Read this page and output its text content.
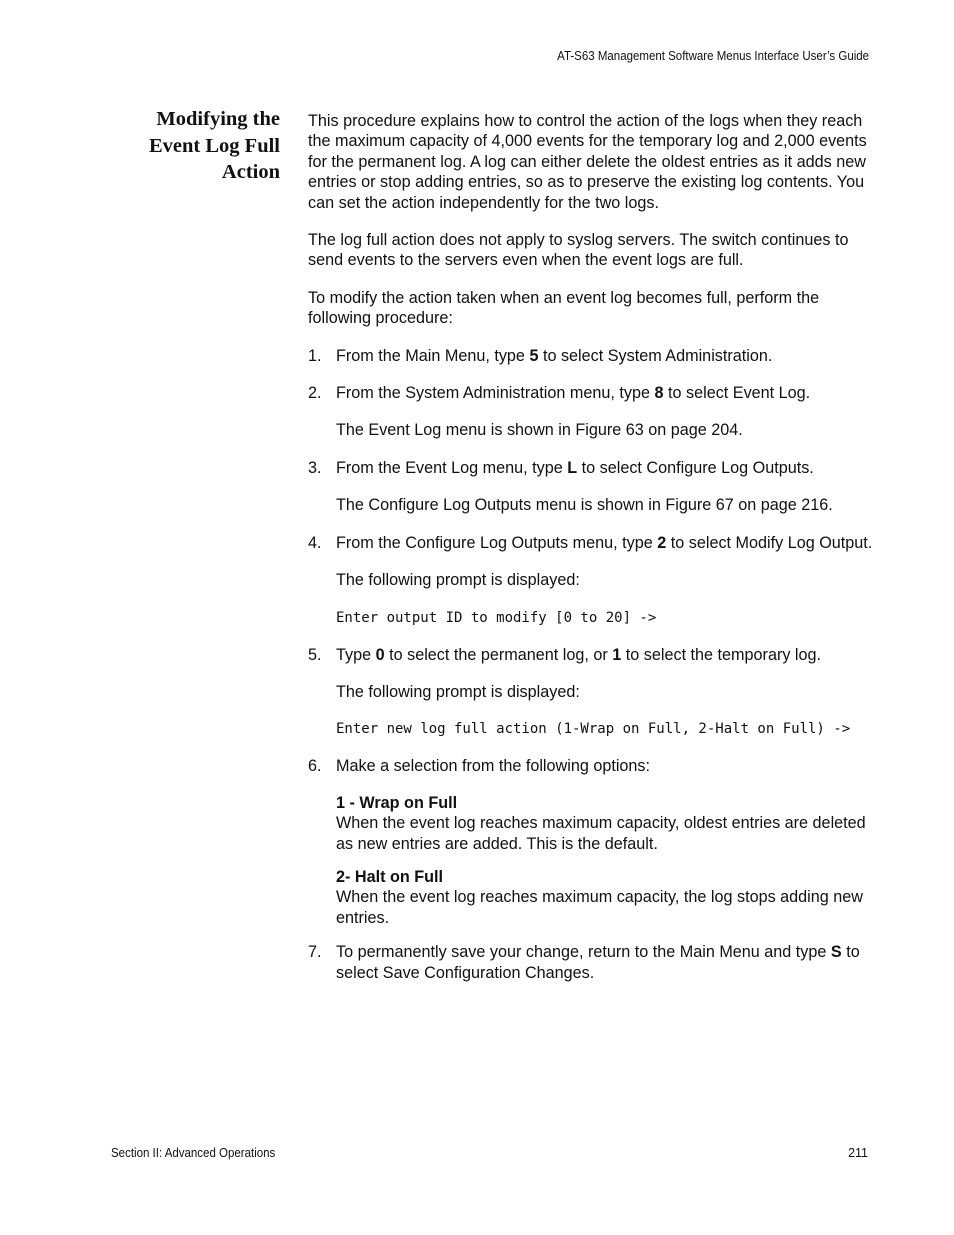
AT-S63 Management Software Menus Interface User’s Guide
Modifying the
Event Log Full
Action

This procedure explains how to control the action of the logs when they reach the maximum capacity of 4,000 events for the temporary log and 2,000 events for the permanent log. A log can either delete the oldest entries as it adds new entries or stop adding entries, so as to preserve the existing log contents. You can set the action independently for the two logs.

The log full action does not apply to syslog servers. The switch continues to send events to the servers even when the event logs are full.

To modify the action taken when an event log becomes full, perform the following procedure:

1. From the Main Menu, type 5 to select System Administration.
2. From the System Administration menu, type 8 to select Event Log.

The Event Log menu is shown in Figure 63 on page 204.

3. From the Event Log menu, type L to select Configure Log Outputs.

The Configure Log Outputs menu is shown in Figure 67 on page 216.

4. From the Configure Log Outputs menu, type 2 to select Modify Log Output.

The following prompt is displayed:

Enter output ID to modify [0 to 20] ->
5. Type 0 to select the permanent log, or 1 to select the temporary log.

The following prompt is displayed:

Enter new log full action (1-Wrap on Full, 2-Halt on Full) ->
6. Make a selection from the following options:
1 - Wrap on Full
When the event log reaches maximum capacity, oldest entries are deleted as new entries are added. This is the default.
2- Halt on Full
When the event log reaches maximum capacity, the log stops adding new entries.
7. To permanently save your change, return to the Main Menu and type S to select Save Configuration Changes.
Section II: Advanced Operations	211
